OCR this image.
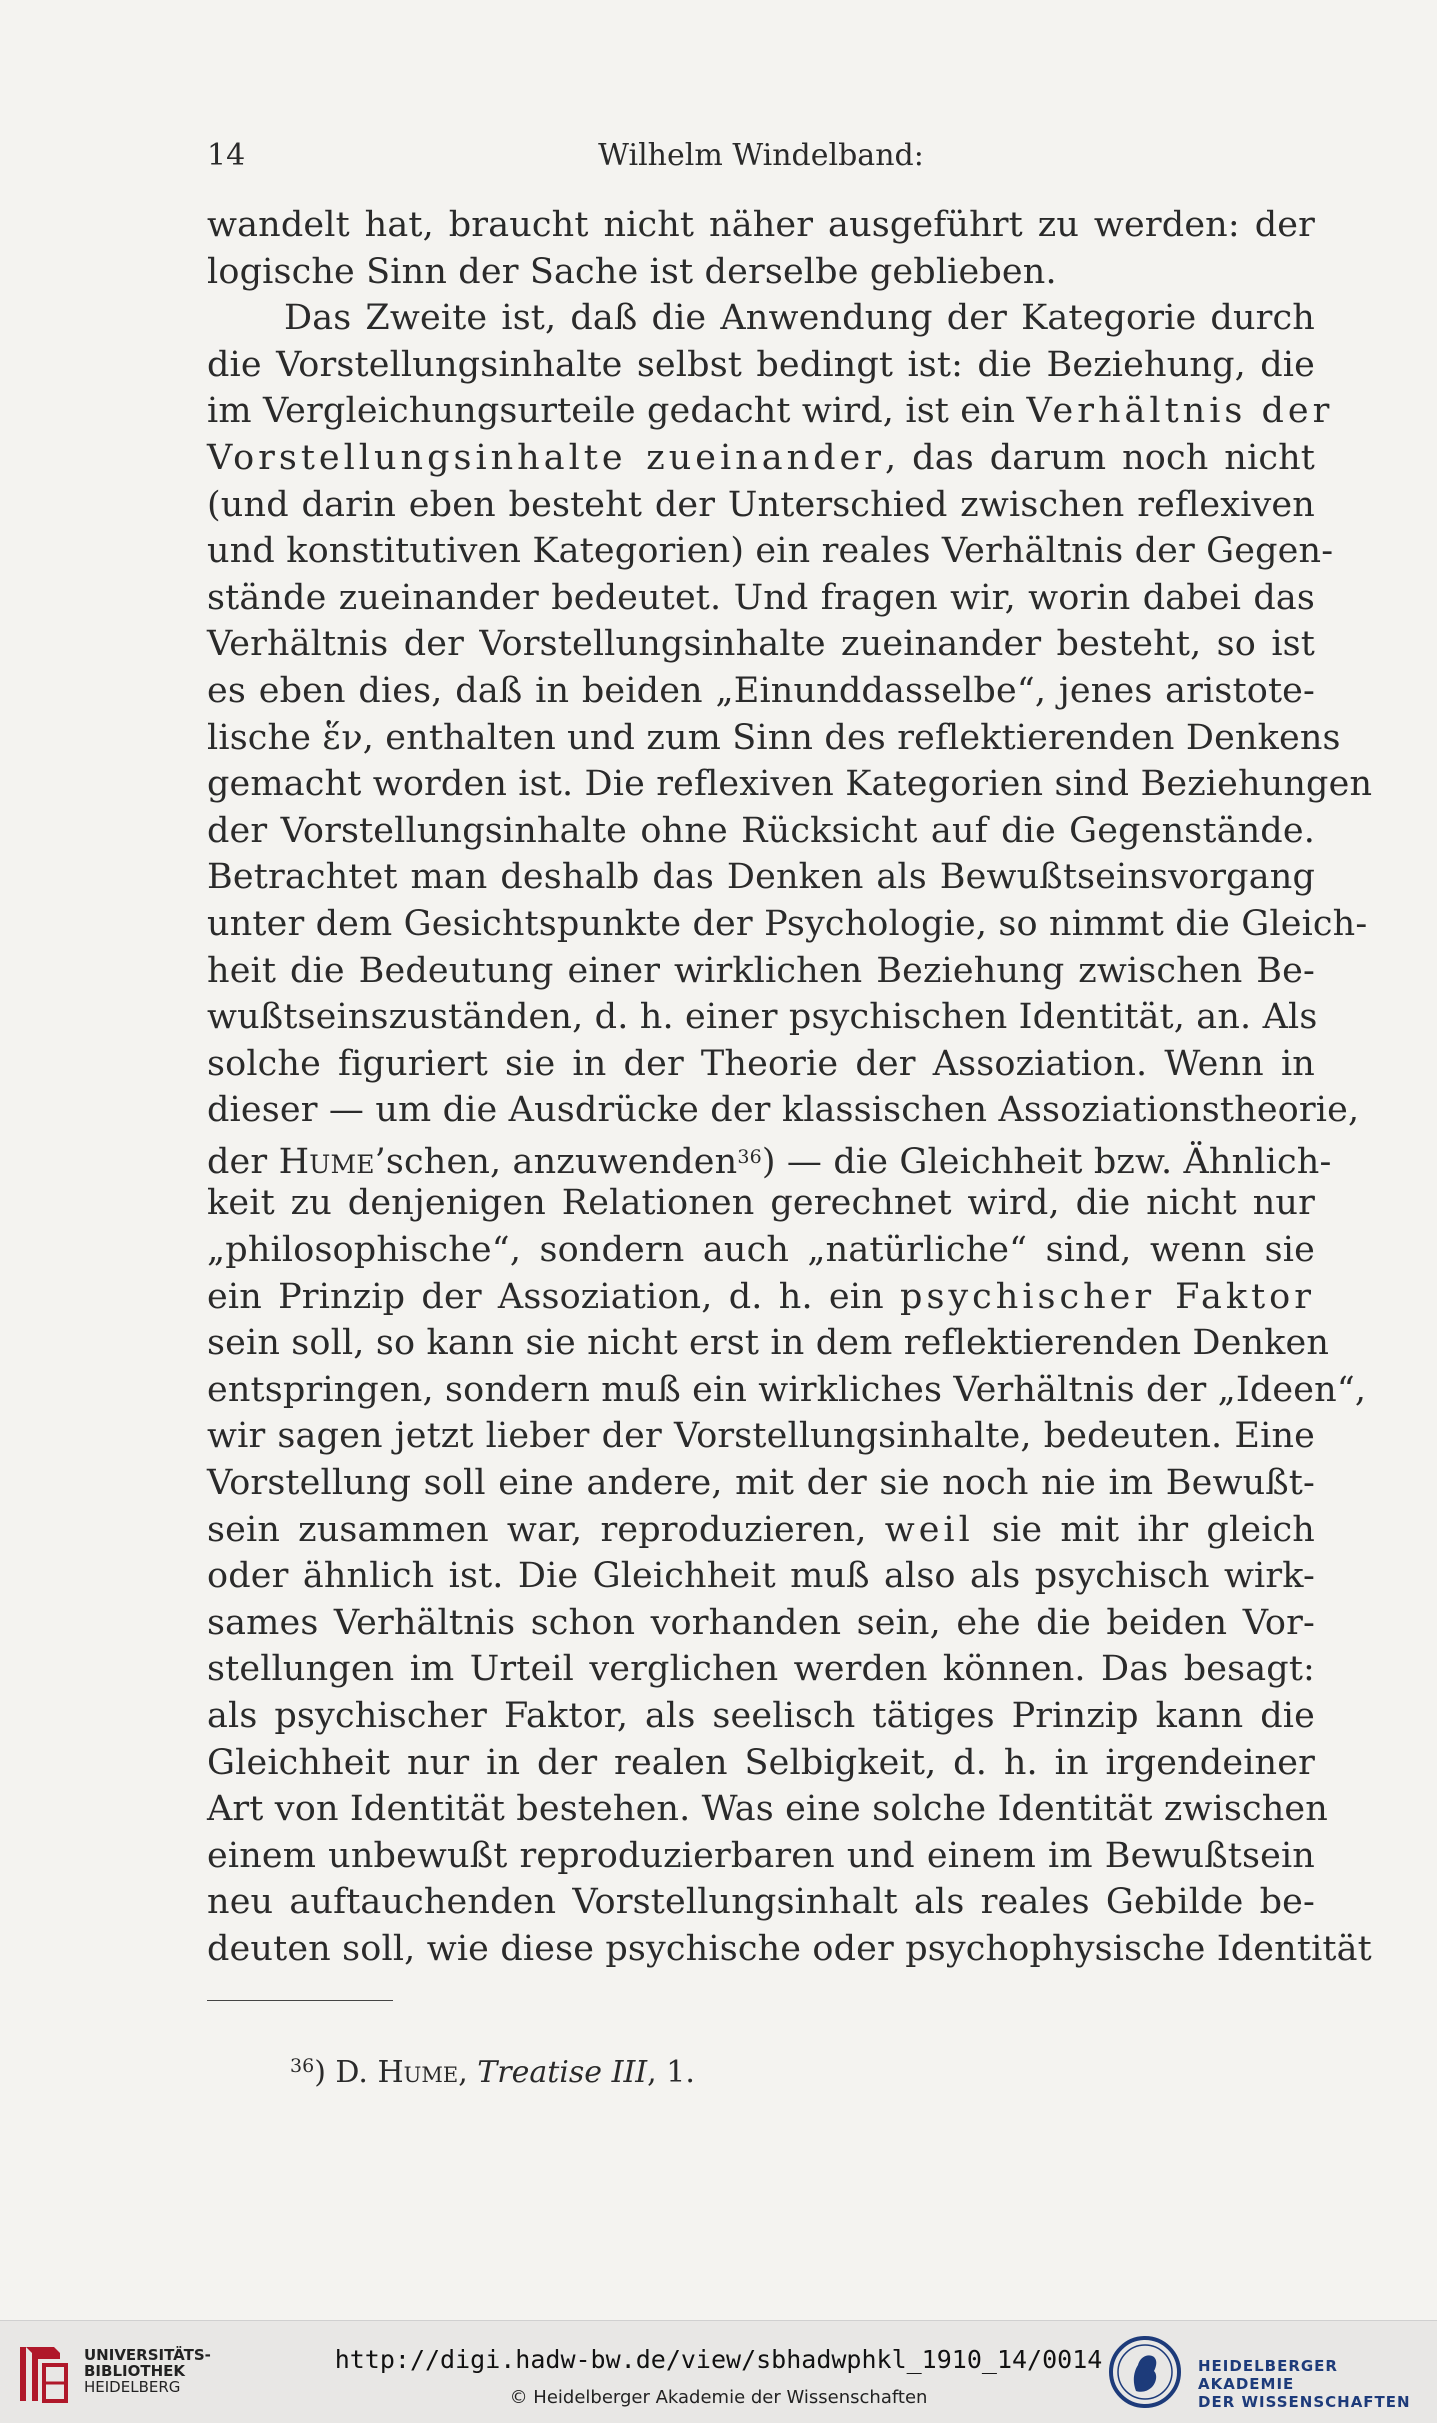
14	Wilhelm Windelband:
wandelt hat, braucht nicht näher ausgeführt zu werden: der
logische Sinn der Sache ist derselbe geblieben.
Das Zweite ist, daß die Anwendung der Kategorie durch
die Vorstellungsinhalte selbst bedingt ist: die Beziehung, die
im Vergleichungsurteile gedacht wird, ist ein Verhältnis der
Vorstellungsinhalte zueinander, das darum noch nicht
(und darin eben besteht der Unterschied zwischen reflexiven
und konstitutiven Kategorien) ein reales Verhältnis der Gegen-
stände zueinander bedeutet. Und fragen wir, worin dabei das
Verhältnis der Vorstellungsinhalte zueinander besteht, so ist
es eben dies, daß in beiden „Einunddasselbe“, jenes aristote-
lische ἕν, enthalten und zum Sinn des reflektierenden Denkens
gemacht worden ist. Die reflexiven Kategorien sind Beziehungen
der Vorstellungsinhalte ohne Rücksicht auf die Gegenstände.
Betrachtet man deshalb das Denken als Bewußtseinsvorgang
unter dem Gesichtspunkte der Psychologie, so nimmt die Gleich-
heit die Bedeutung einer wirklichen Beziehung zwischen Be-
wußtseinszuständen, d. h. einer psychischen Identität, an. Als
solche figuriert sie in der Theorie der Assoziation. Wenn in
dieser — um die Ausdrücke der klassischen Assoziationstheorie,
der Hume’schen, anzuwenden$^{36}$) — die Gleichheit bzw. Ähnlich-
keit zu denjenigen Relationen gerechnet wird, die nicht nur
„philosophische“, sondern auch „natürliche“ sind, wenn sie
ein Prinzip der Assoziation, d. h. ein psychischer Faktor
sein soll, so kann sie nicht erst in dem reflektierenden Denken
entspringen, sondern muß ein wirkliches Verhältnis der „Ideen“,
wir sagen jetzt lieber der Vorstellungsinhalte, bedeuten. Eine
Vorstellung soll eine andere, mit der sie noch nie im Bewußt-
sein zusammen war, reproduzieren, weil sie mit ihr gleich
oder ähnlich ist. Die Gleichheit muß also als psychisch wirk-
sames Verhältnis schon vorhanden sein, ehe die beiden Vor-
stellungen im Urteil verglichen werden können. Das besagt:
als psychischer Faktor, als seelisch tätiges Prinzip kann die
Gleichheit nur in der realen Selbigkeit, d. h. in irgendeiner
Art von Identität bestehen. Was eine solche Identität zwischen
einem unbewußt reproduzierbaren und einem im Bewußtsein
neu auftauchenden Vorstellungsinhalt als reales Gebilde be-
deuten soll, wie diese psychische oder psychophysische Identität
$^{36}$) D. Hume, Treatise III, 1.
UNIVERSITÄTS-
BIBLIOTHEK
HEIDELBERG
http://digi.hadw-bw.de/view/sbhadwphkl_1910_14/0014
© Heidelberger Akademie der Wissenschaften
HEIDELBERGER AKADEMIE
DER WISSENSCHAFTEN
